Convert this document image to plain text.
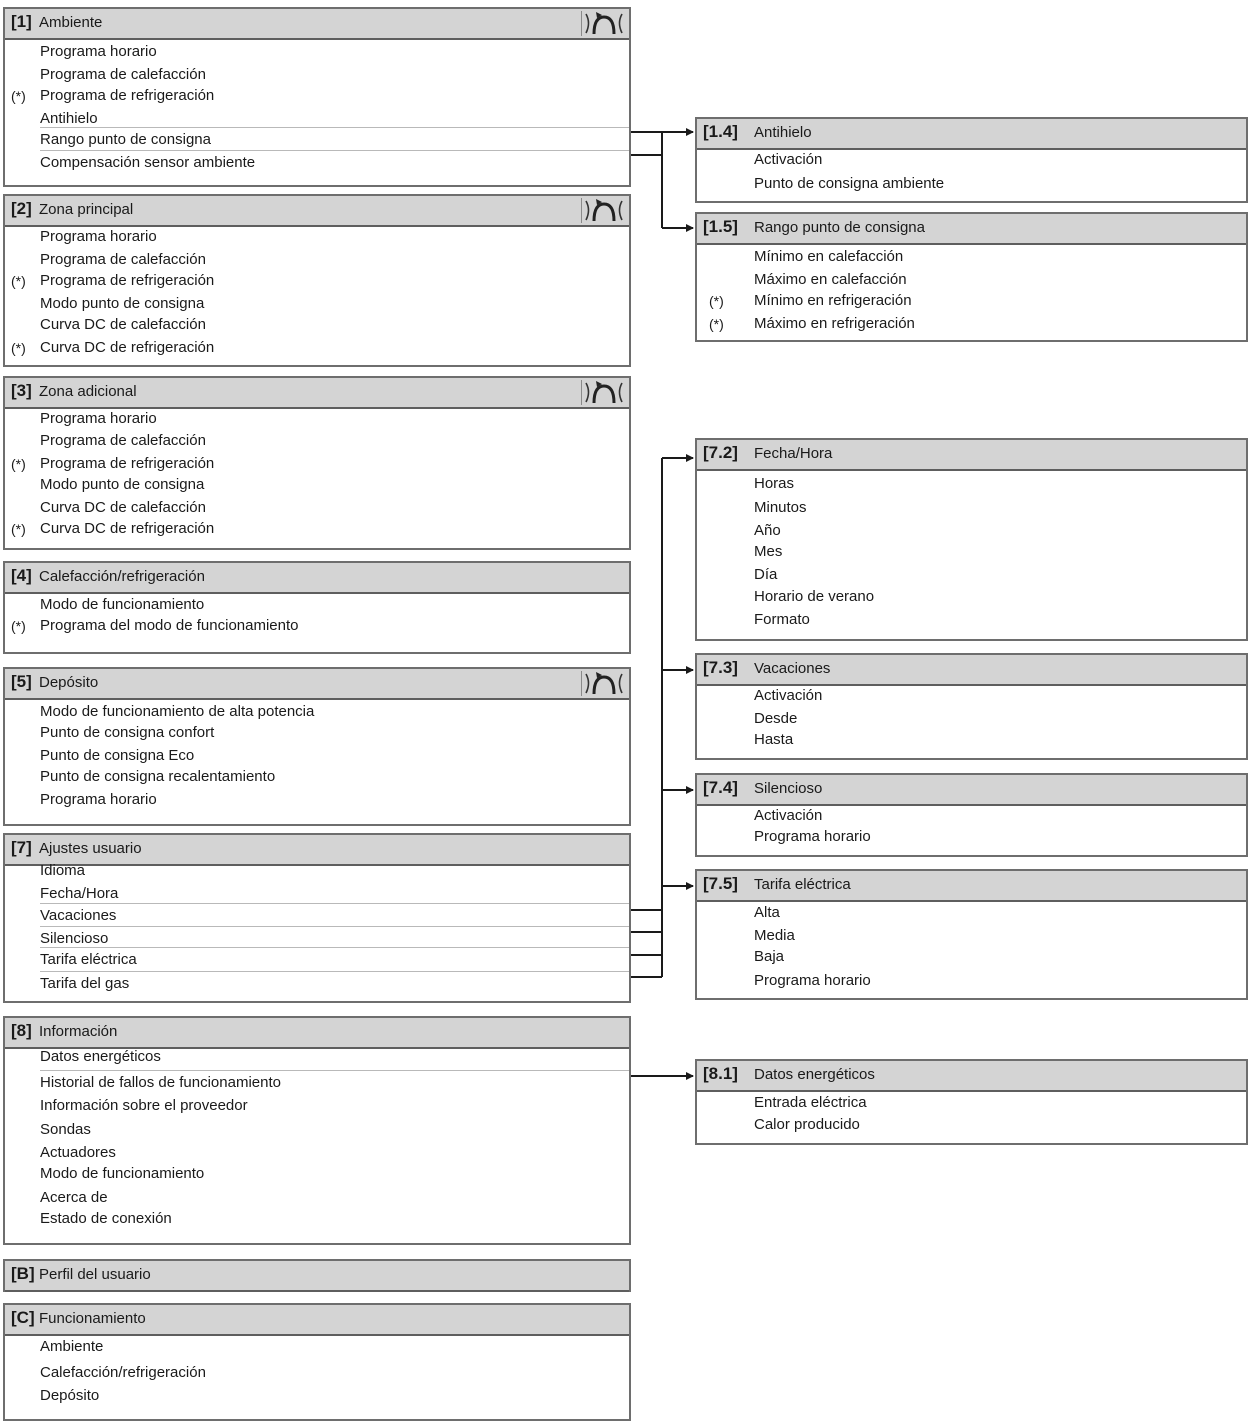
[1] Ambiente
Programa horario
Programa de calefacción
(*) Programa de refrigeración
Antihielo
Rango punto de consigna
Compensación sensor ambiente
[2] Zona principal
Programa horario
Programa de calefacción
(*) Programa de refrigeración
Modo punto de consigna
Curva DC de calefacción
(*) Curva DC de refrigeración
[3] Zona adicional
Programa horario
Programa de calefacción
(*) Programa de refrigeración
Modo punto de consigna
Curva DC de calefacción
(*) Curva DC de refrigeración
[4] Calefacción/refrigeración
Modo de funcionamiento
(*) Programa del modo de funcionamiento
[5] Depósito
Modo de funcionamiento de alta potencia
Punto de consigna confort
Punto de consigna Eco
Punto de consigna recalentamiento
Programa horario
[7] Ajustes usuario
Idioma
Fecha/Hora
Vacaciones
Silencioso
Tarifa eléctrica
Tarifa del gas
[8] Información
Datos energéticos
Historial de fallos de funcionamiento
Información sobre el proveedor
Sondas
Actuadores
Modo de funcionamiento
Acerca de
Estado de conexión
[B] Perfil del usuario
[C] Funcionamiento
Ambiente
Calefacción/refrigeración
Depósito
[1.4] Antihielo
Activación
Punto de consigna ambiente
[1.5] Rango punto de consigna
Mínimo en calefacción
Máximo en calefacción
(*) Mínimo en refrigeración
(*) Máximo en refrigeración
[7.2] Fecha/Hora
Horas
Minutos
Año
Mes
Día
Horario de verano
Formato
[7.3] Vacaciones
Activación
Desde
Hasta
[7.4] Silencioso
Activación
Programa horario
[7.5] Tarifa eléctrica
Alta
Media
Baja
Programa horario
[8.1] Datos energéticos
Entrada eléctrica
Calor producido
